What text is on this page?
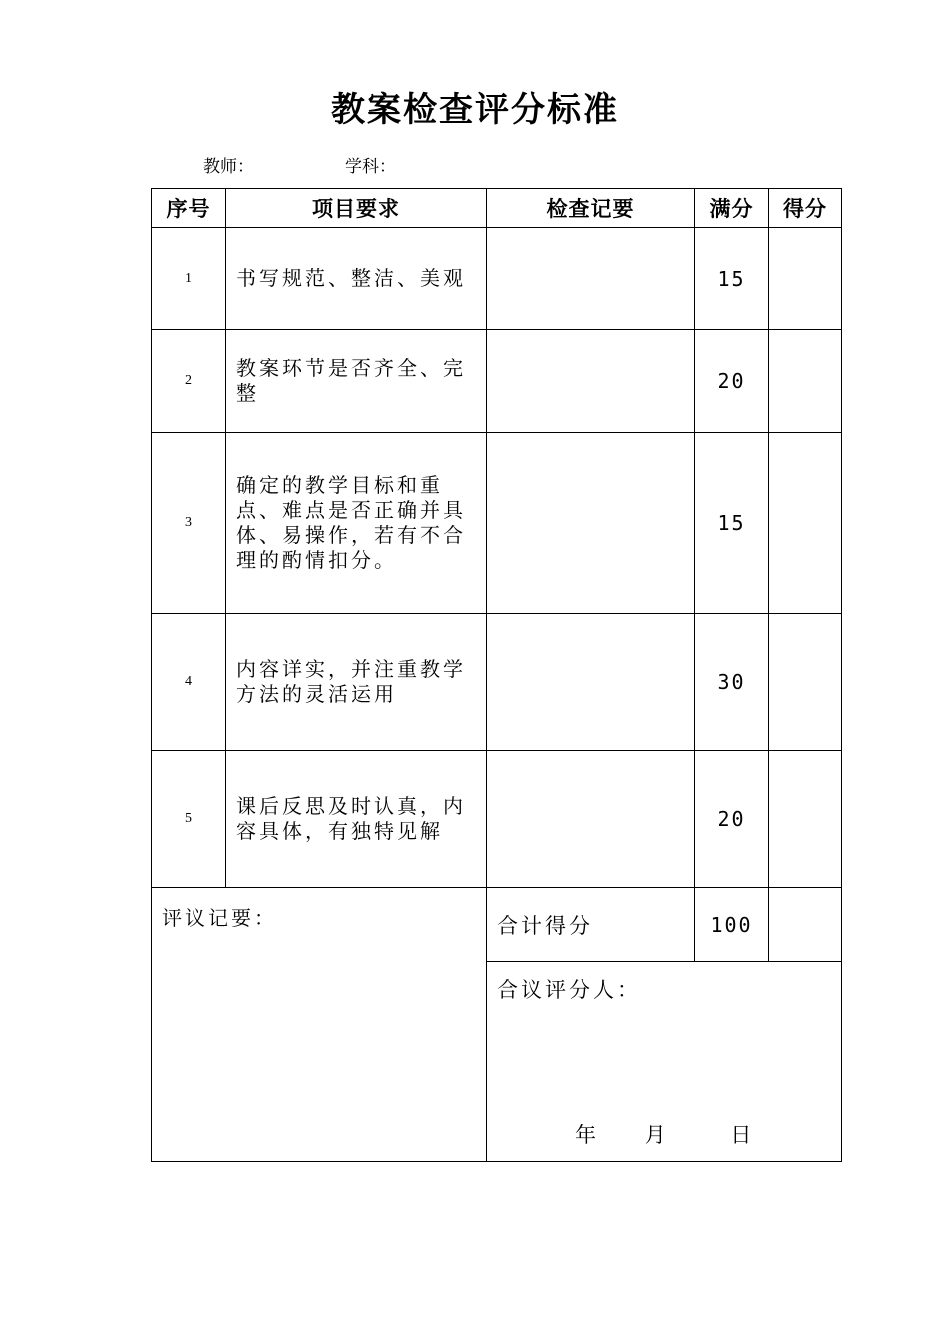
教案检查评分标准
教师：	学科：
序号	项目要求	检查记要	满分	得分
1	书写规范、整洁、美观		15	
2	教案环节是否齐全、完整		20	
3	确定的教学目标和重点、难点是否正确并具体、易操作，若有不合理的酌情扣分。		15	
4	内容详实，并注重教学方法的灵活运用		30	
5	课后反思及时认真，内容具体，有独特见解		20	

评议记要：		合计得分	100	

		合议评分人：
年 月 日		
